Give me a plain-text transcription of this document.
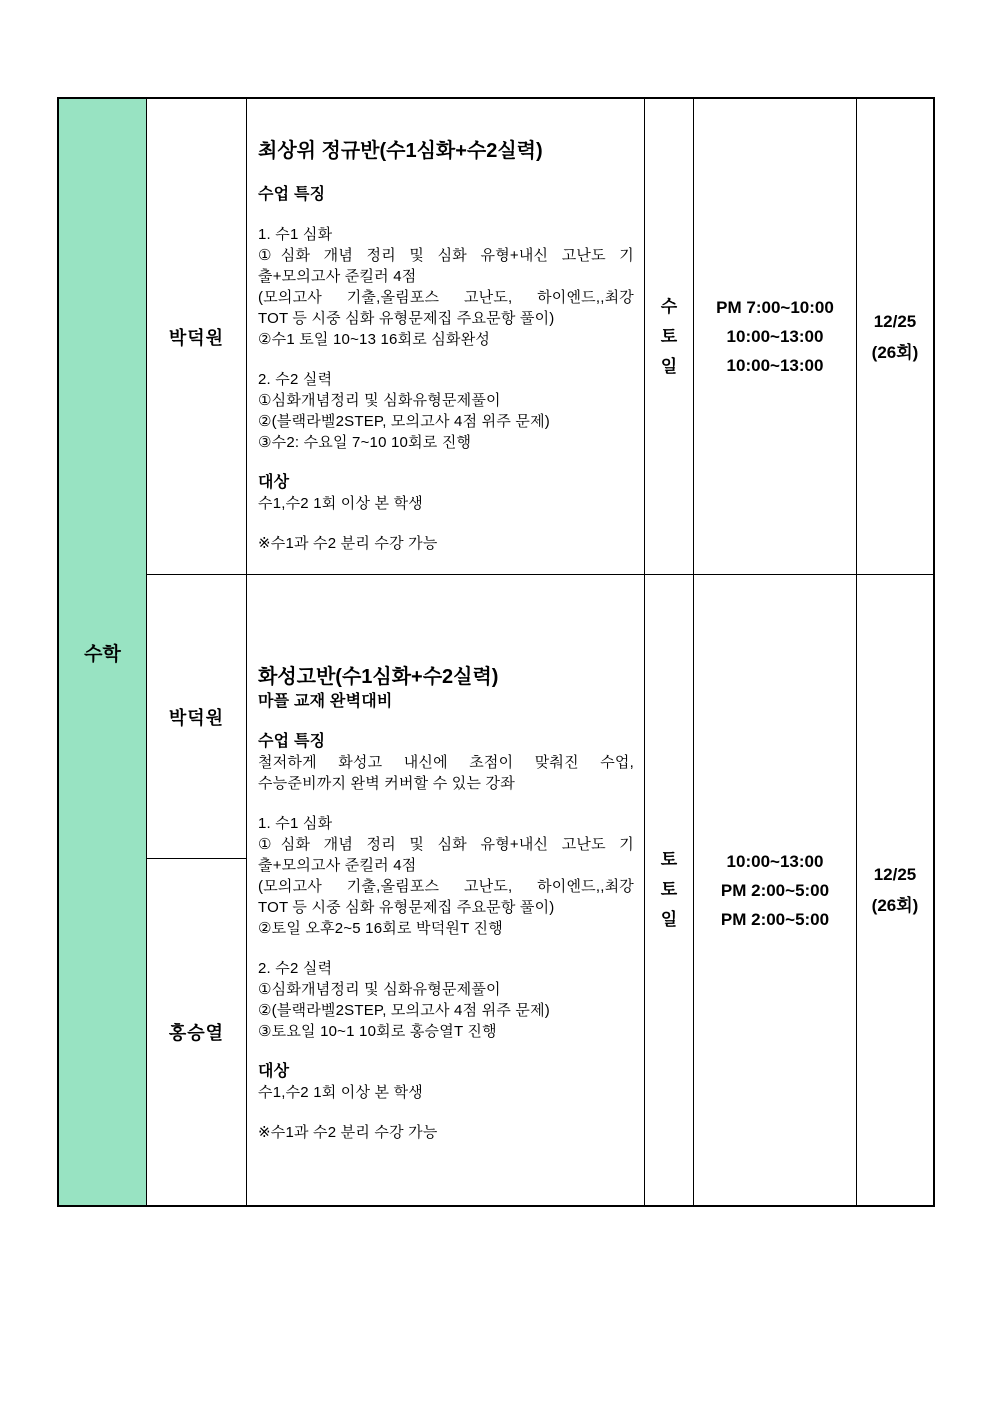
수학
박덕원
최상위 정규반(수1심화+수2실력)

수업 특징

1. 수1 심화
①심화 개념 정리 및 심화 유형+내신 고난도 기
출+모의고사 준킬러 4점
(모의고사 기출,올림포스 고난도, 하이엔드,,최강
TOT 등 시중 심화 유형문제집 주요문항 풀이)
②수1 토일 10~13 16회로 심화완성

2. 수2 실력
①심화개념정리 및 심화유형문제풀이
②(블랙라벨2STEP, 모의고사 4점 위주 문제)
③수2: 수요일 7~10 10회로 진행

대상
수1,수2 1회 이상 본 학생

※수1과 수2 분리 수강 가능
수
토
일
PM 7:00~10:00
10:00~13:00
10:00~13:00
12/25
(26회)
박덕원
홍승열
화성고반(수1심화+수2실력)
마플 교재 완벽대비

수업 특징
철저하게 화성고 내신에 초점이 맞춰진 수업,
수능준비까지 완벽 커버할 수 있는 강좌

1. 수1 심화
①심화 개념 정리 및 심화 유형+내신 고난도 기
출+모의고사 준킬러 4점
(모의고사 기출,올림포스 고난도, 하이엔드,,최강
TOT 등 시중 심화 유형문제집 주요문항 풀이)
②토일 오후2~5 16회로 박덕원T 진행

2. 수2 실력
①심화개념정리 및 심화유형문제풀이
②(블랙라벨2STEP, 모의고사 4점 위주 문제)
③토요일 10~1 10회로 홍승열T 진행

대상
수1,수2 1회 이상 본 학생

※수1과 수2 분리 수강 가능
토
토
일
10:00~13:00
PM 2:00~5:00
PM 2:00~5:00
12/25
(26회)
